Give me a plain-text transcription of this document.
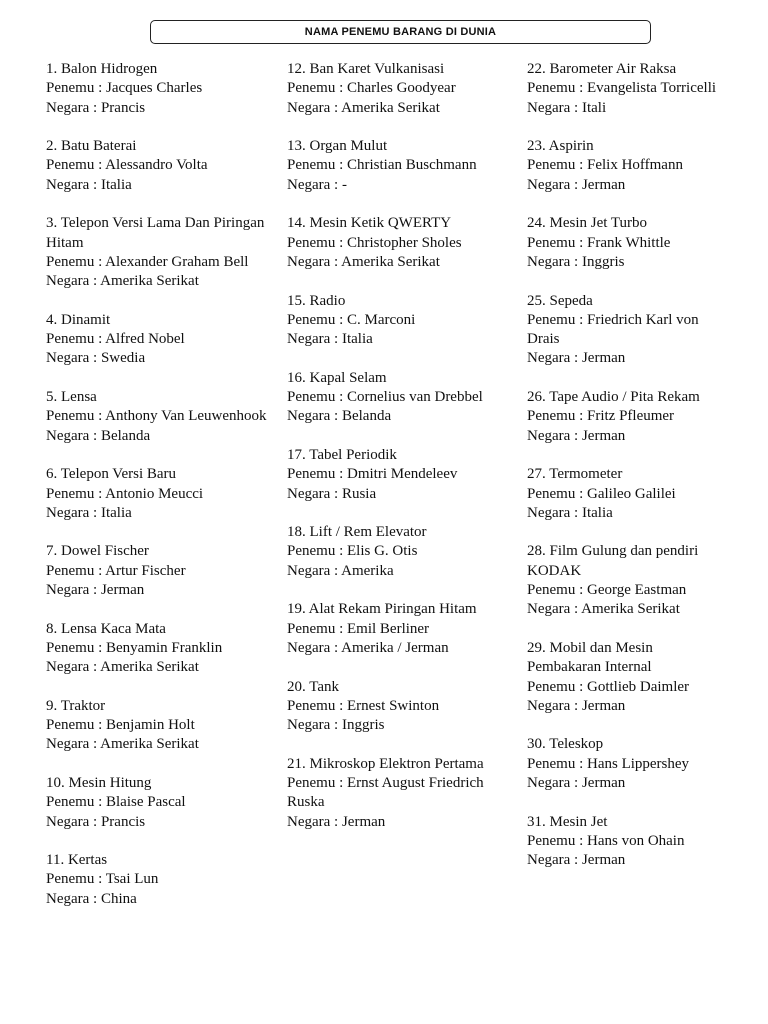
NAMA PENEMU BARANG DI DUNIA
1. Balon Hidrogen
Penemu : Jacques Charles
Negara : Prancis
2. Batu Baterai
Penemu : Alessandro Volta
Negara : Italia
3. Telepon Versi Lama Dan Piringan Hitam
Penemu : Alexander Graham Bell
Negara : Amerika Serikat
4. Dinamit
Penemu : Alfred Nobel
Negara : Swedia
5. Lensa
Penemu : Anthony Van Leuwenhook
Negara : Belanda
6. Telepon Versi Baru
Penemu : Antonio Meucci
Negara : Italia
7. Dowel Fischer
Penemu : Artur Fischer
Negara : Jerman
8. Lensa Kaca Mata
Penemu : Benyamin Franklin
Negara : Amerika Serikat
9. Traktor
Penemu : Benjamin Holt
Negara : Amerika Serikat
10. Mesin Hitung
Penemu : Blaise Pascal
Negara : Prancis
11. Kertas
Penemu : Tsai Lun
Negara : China
12. Ban Karet Vulkanisasi
Penemu : Charles Goodyear
Negara : Amerika Serikat
13. Organ Mulut
Penemu : Christian Buschmann
Negara : -
14. Mesin Ketik QWERTY
Penemu : Christopher Sholes
Negara : Amerika Serikat
15. Radio
Penemu : C. Marconi
Negara : Italia
16. Kapal Selam
Penemu : Cornelius van Drebbel
Negara : Belanda
17. Tabel Periodik
Penemu : Dmitri Mendeleev
Negara : Rusia
18. Lift / Rem Elevator
Penemu : Elis G. Otis
Negara : Amerika
19. Alat Rekam Piringan Hitam
Penemu : Emil Berliner
Negara : Amerika / Jerman
20. Tank
Penemu : Ernest Swinton
Negara : Inggris
21. Mikroskop Elektron Pertama
Penemu : Ernst August Friedrich Ruska
Negara : Jerman
22. Barometer Air Raksa
Penemu : Evangelista Torricelli
Negara : Itali
23. Aspirin
Penemu : Felix Hoffmann
Negara : Jerman
24. Mesin Jet Turbo
Penemu : Frank Whittle
Negara : Inggris
25. Sepeda
Penemu : Friedrich Karl von Drais
Negara : Jerman
26. Tape Audio / Pita Rekam
Penemu : Fritz Pfleumer
Negara : Jerman
27. Termometer
Penemu : Galileo Galilei
Negara : Italia
28. Film Gulung dan pendiri KODAK
Penemu : George Eastman
Negara : Amerika Serikat
29. Mobil dan Mesin Pembakaran Internal
Penemu : Gottlieb Daimler
Negara : Jerman
30. Teleskop
Penemu : Hans Lippershey
Negara : Jerman
31. Mesin Jet
Penemu : Hans von Ohain
Negara : Jerman
